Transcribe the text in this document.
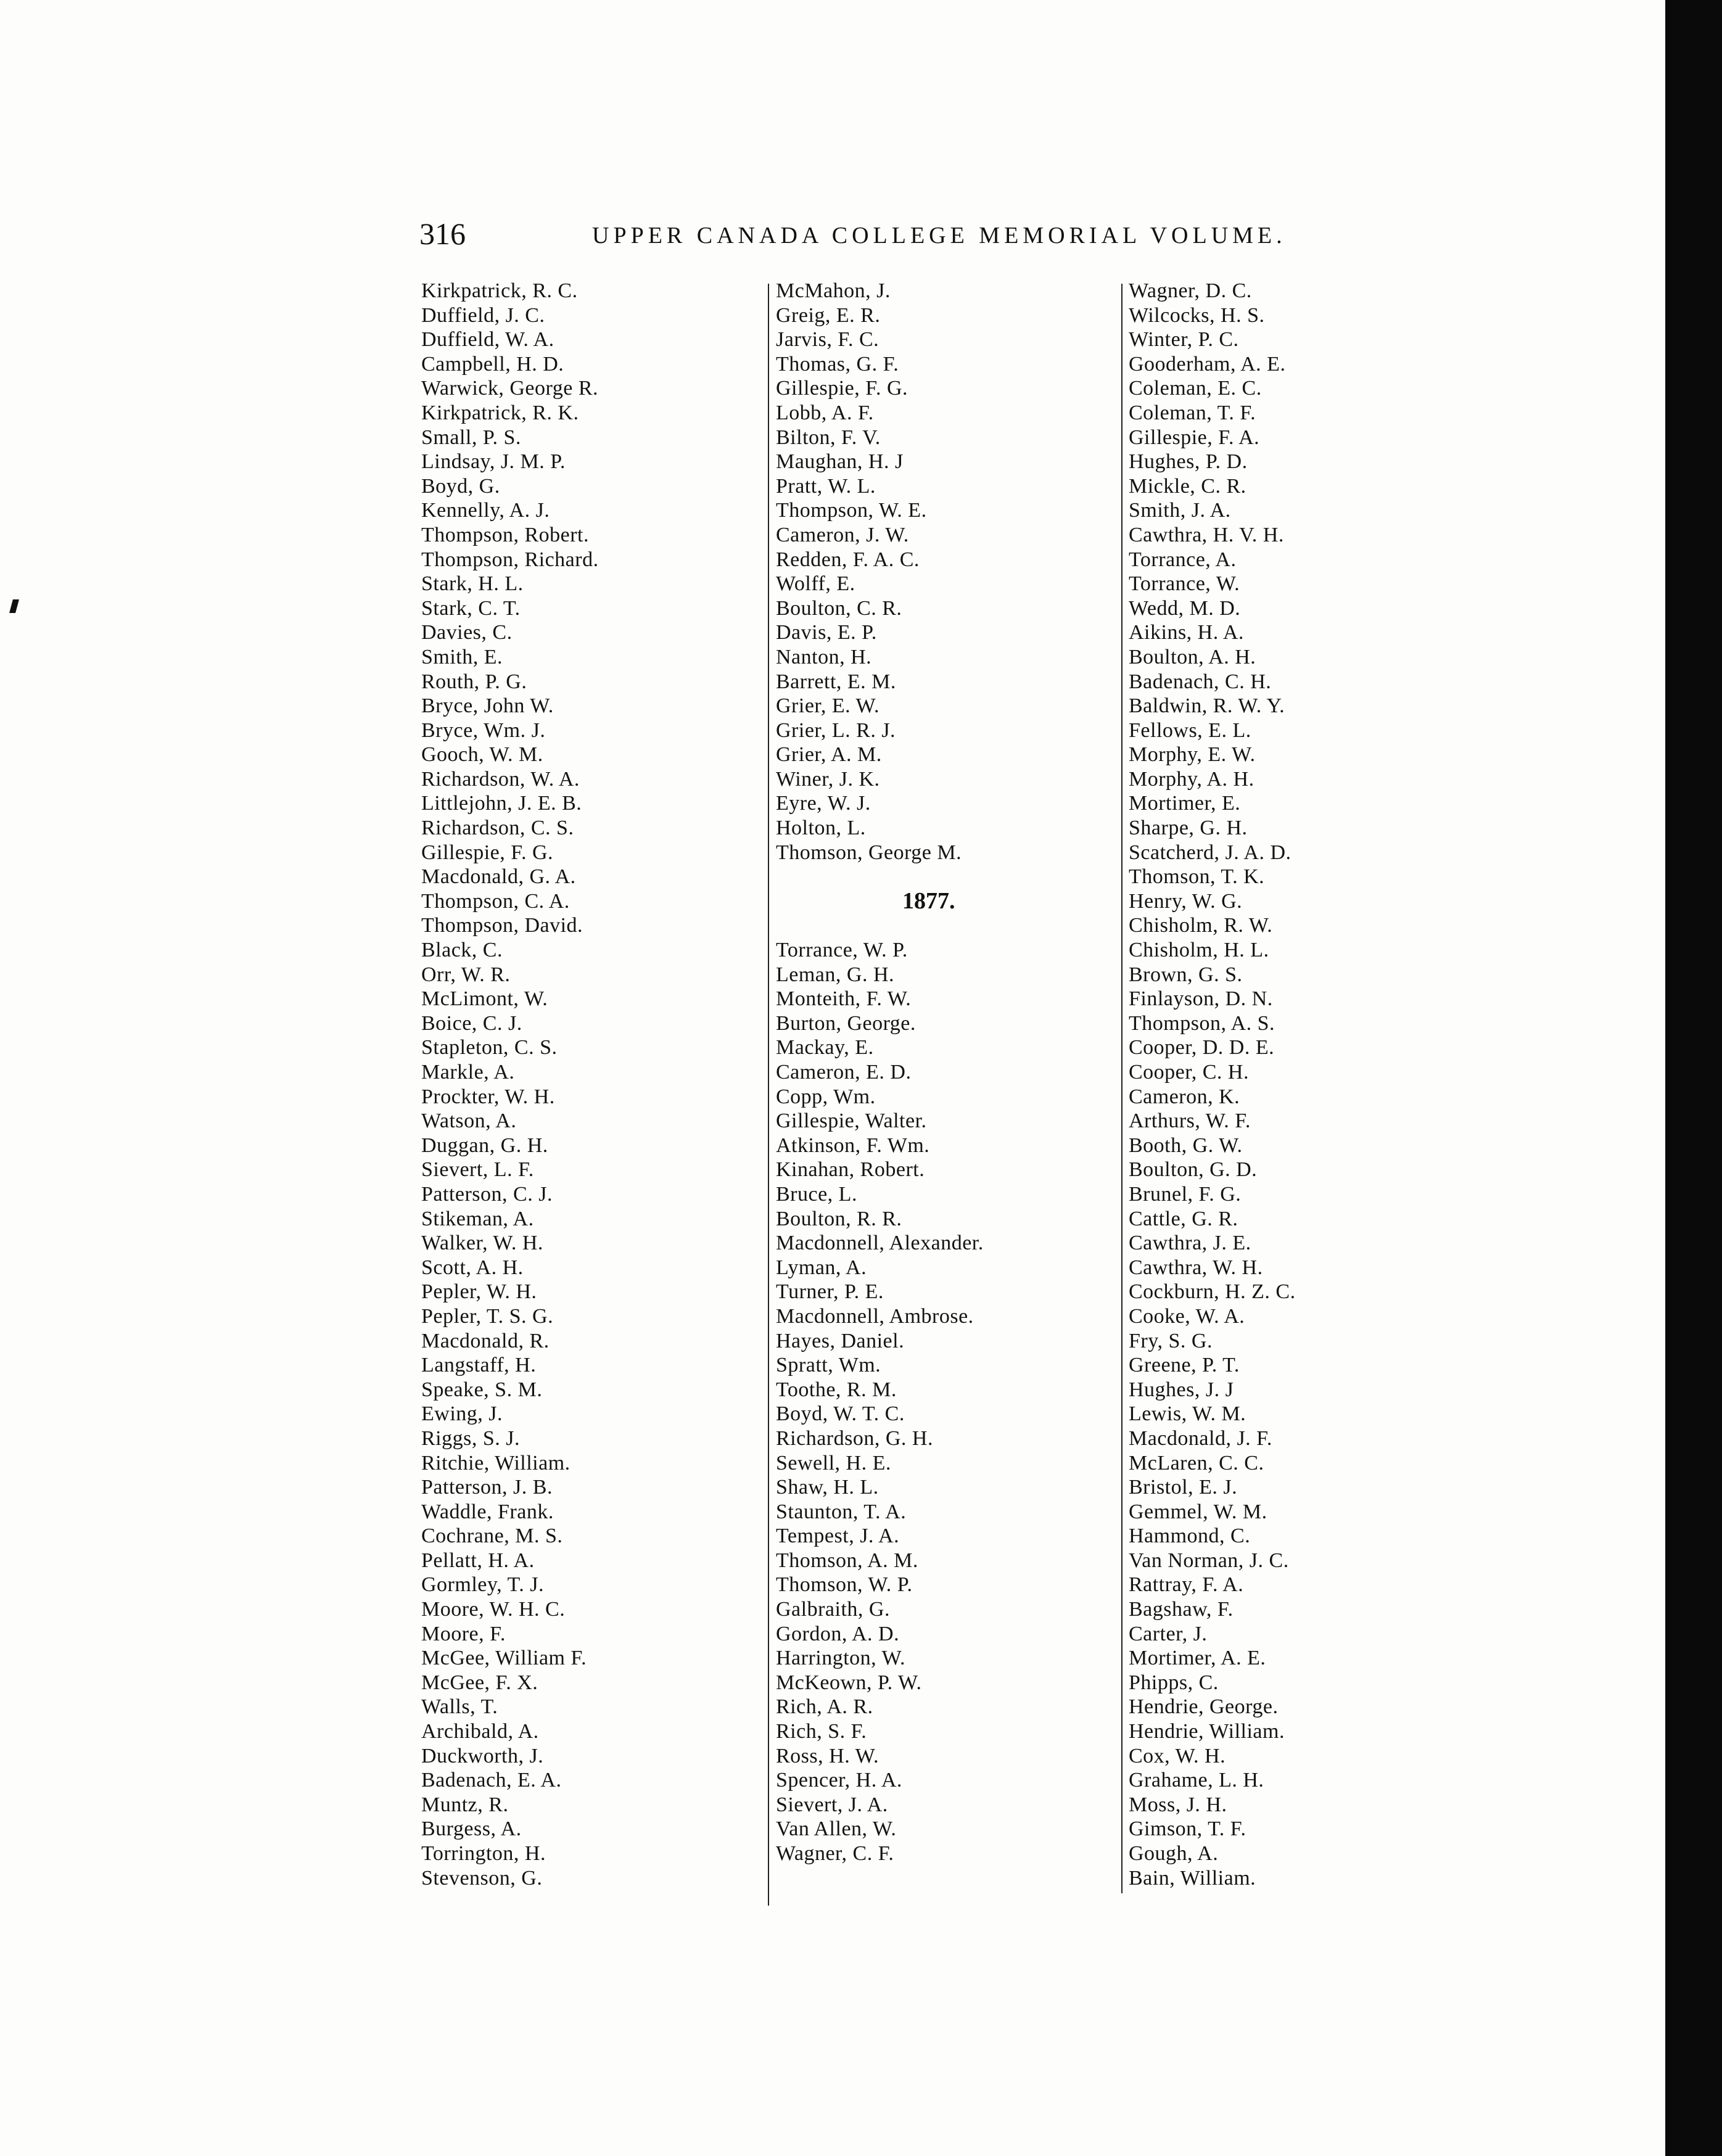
316	UPPER CANADA COLLEGE MEMORIAL VOLUME.
Kirkpatrick, R. C.
Duffield, J. C.
Duffield, W. A.
Campbell, H. D.
Warwick, George R.
Kirkpatrick, R. K.
Small, P. S.
Lindsay, J. M. P.
Boyd, G.
Kennelly, A. J.
Thompson, Robert.
Thompson, Richard.
Stark, H. L.
Stark, C. T.
Davies, C.
Smith, E.
Routh, P. G.
Bryce, John W.
Bryce, Wm. J.
Gooch, W. M.
Richardson, W. A.
Littlejohn, J. E. B.
Richardson, C. S.
Gillespie, F. G.
Macdonald, G. A.
Thompson, C. A.
Thompson, David.
Black, C.
Orr, W. R.
McLimont, W.
Boice, C. J.
Stapleton, C. S.
Markle, A.
Prockter, W. H.
Watson, A.
Duggan, G. H.
Sievert, L. F.
Patterson, C. J.
Stikeman, A.
Walker, W. H.
Scott, A. H.
Pepler, W. H.
Pepler, T. S. G.
Macdonald, R.
Langstaff, H.
Speake, S. M.
Ewing, J.
Riggs, S. J.
Ritchie, William.
Patterson, J. B.
Waddle, Frank.
Cochrane, M. S.
Pellatt, H. A.
Gormley, T. J.
Moore, W. H. C.
Moore, F.
McGee, William F.
McGee, F. X.
Walls, T.
Archibald, A.
Duckworth, J.
Badenach, E. A.
Muntz, R.
Burgess, A.
Torrington, H.
Stevenson, G.
McMahon, J.
Greig, E. R.
Jarvis, F. C.
Thomas, G. F.
Gillespie, F. G.
Lobb, A. F.
Bilton, F. V.
Maughan, H. J
Pratt, W. L.
Thompson, W. E.
Cameron, J. W.
Redden, F. A. C.
Wolff, E.
Boulton, C. R.
Davis, E. P.
Nanton, H.
Barrett, E. M.
Grier, E. W.
Grier, L. R. J.
Grier, A. M.
Winer, J. K.
Eyre, W. J.
Holton, L.
Thomson, George M.
1877.
Torrance, W. P.
Leman, G. H.
Monteith, F. W.
Burton, George.
Mackay, E.
Cameron, E. D.
Copp, Wm.
Gillespie, Walter.
Atkinson, F. Wm.
Kinahan, Robert.
Bruce, L.
Boulton, R. R.
Macdonnell, Alexander.
Lyman, A.
Turner, P. E.
Macdonnell, Ambrose.
Hayes, Daniel.
Spratt, Wm.
Toothe, R. M.
Boyd, W. T. C.
Richardson, G. H.
Sewell, H. E.
Shaw, H. L.
Staunton, T. A.
Tempest, J. A.
Thomson, A. M.
Thomson, W. P.
Galbraith, G.
Gordon, A. D.
Harrington, W.
McKeown, P. W.
Rich, A. R.
Rich, S. F.
Ross, H. W.
Spencer, H. A.
Sievert, J. A.
Van Allen, W.
Wagner, C. F.
Wagner, D. C.
Wilcocks, H. S.
Winter, P. C.
Gooderham, A. E.
Coleman, E. C.
Coleman, T. F.
Gillespie, F. A.
Hughes, P. D.
Mickle, C. R.
Smith, J. A.
Cawthra, H. V. H.
Torrance, A.
Torrance, W.
Wedd, M. D.
Aikins, H. A.
Boulton, A. H.
Badenach, C. H.
Baldwin, R. W. Y.
Fellows, E. L.
Morphy, E. W.
Morphy, A. H.
Mortimer, E.
Sharpe, G. H.
Scatcherd, J. A. D.
Thomson, T. K.
Henry, W. G.
Chisholm, R. W.
Chisholm, H. L.
Brown, G. S.
Finlayson, D. N.
Thompson, A. S.
Cooper, D. D. E.
Cooper, C. H.
Cameron, K.
Arthurs, W. F.
Booth, G. W.
Boulton, G. D.
Brunel, F. G.
Cattle, G. R.
Cawthra, J. E.
Cawthra, W. H.
Cockburn, H. Z. C.
Cooke, W. A.
Fry, S. G.
Greene, P. T.
Hughes, J. J
Lewis, W. M.
Macdonald, J. F.
McLaren, C. C.
Bristol, E. J.
Gemmel, W. M.
Hammond, C.
Van Norman, J. C.
Rattray, F. A.
Bagshaw, F.
Carter, J.
Mortimer, A. E.
Phipps, C.
Hendrie, George.
Hendrie, William.
Cox, W. H.
Grahame, L. H.
Moss, J. H.
Gimson, T. F.
Gough, A.
Bain, William.
